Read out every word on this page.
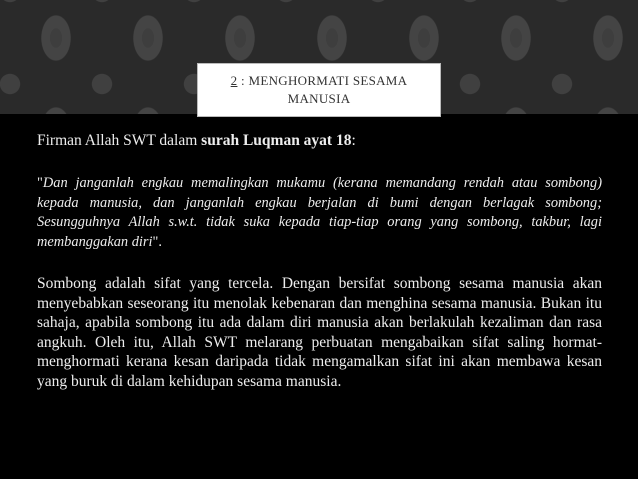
2 : MENGHORMATI SESAMA MANUSIA

Firman Allah SWT dalam surah Luqman ayat 18:

"Dan janganlah engkau memalingkan mukamu (kerana memandang rendah atau sombong) kepada manusia, dan janganlah engkau berjalan di bumi dengan berlagak sombong; Sesungguhnya Allah s.w.t. tidak suka kepada tiap-tiap orang yang sombong, takbur, lagi membanggakan diri".

Sombong adalah sifat yang tercela. Dengan bersifat sombong sesama manusia akan menyebabkan seseorang itu menolak kebenaran dan menghina sesama manusia. Bukan itu sahaja, apabila sombong itu ada dalam diri manusia akan berlakulah kezaliman dan rasa angkuh. Oleh itu, Allah SWT melarang perbuatan mengabaikan sifat saling hormat-menghormati kerana kesan daripada tidak mengamalkan sifat ini akan membawa kesan yang buruk di dalam kehidupan sesama manusia.
